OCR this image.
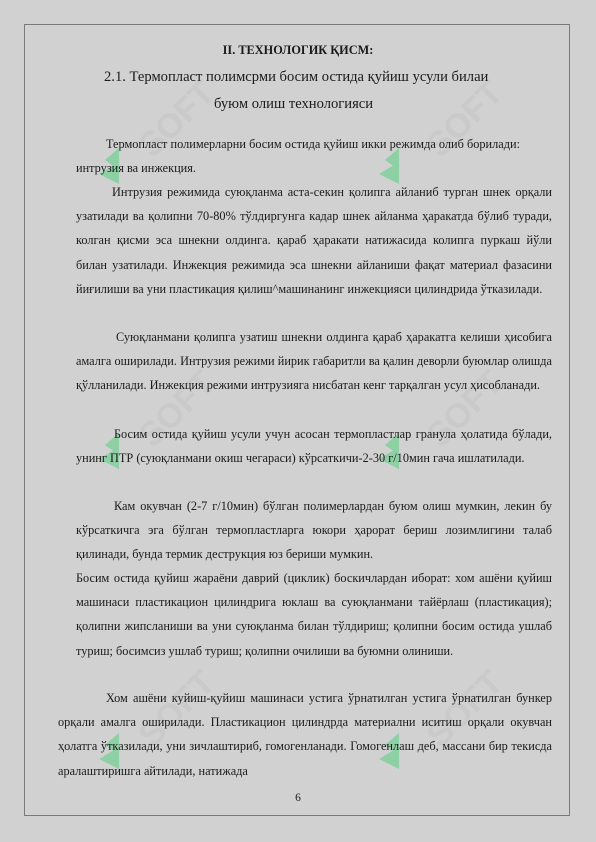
SOFT	SOFT
SOFT	SOFT
SOFT	SOFT
II. ТЕХНОЛОГИК ҚИСМ:
2.1. Термопласт полимсрми босим остида қуйиш усули билаи
буюм олиш технологияси

Термопласт полимерларни босим остида қуйиш икки режимда олиб борилади: интрузия ва инжекция.

Интрузия режимида суюқланма аста-секин қолипга айланиб турган шнек орқали узатилади ва қолипни 70-80% тўлдиргунга кадар шнек айланма ҳаракатда бўлиб туради, колган қисми эса шнекни олдинга. қараб ҳаракати натижасида колипга пуркаш йўли билан узатилади. Инжекция режимида эса шнекни айланиши фақат материал фазасини йиғилиши ва уни пластикация қилиш^машинанинг инжекцияси цилиндрида ўтказилади.

Суюқланмани қолипга узатиш шнекни олдинга қараб ҳаракатга келиши ҳисобига амалга оширилади. Интрузия режими йирик габаритли ва қалин деворли буюмлар олишда қўлланилади. Инжекция режими интрузияга нисбатан кенг тарқалган усул ҳисобланади.

Босим остида қуйиш усули учун асосан термопластлар гранула ҳолатида бўлади, унинг ПТР (суюқланмани окиш чегараси) кўрсаткичи-2-30 г/10мин гача ишлатилади.

Кам окувчан (2-7 г/10мин) бўлган полимерлардан буюм олиш мумкин, лекин бу кўрсаткичга эга бўлган термопластларга юкори ҳарорат бериш лозимлигини талаб қилинади, бунда термик деструкция юз бериши мумкин.

Босим остида қуйиш жараёни даврий (циклик) боскичлардан иборат: хом ашёни қуйиш машинаси пластикацион цилиндрига юклаш ва суюқланмани тайёрлаш (пластикация); қолипни жипсланиши ва уни суюқланма билан тўлдириш; қолипни босим остида ушлаб туриш; босимсиз ушлаб туриш; қолипни очилиши ва буюмни олиниши.

Хом ашёни куйиш-қуйиш машинаси устига ўрнатилган устига ўрнатилган бункер орқали амалга оширилади. Пластикацион цилиндрда материални иситиш орқали окувчан ҳолатга ўтказилади, уни зичлаштириб, гомогенланади. Гомогенлаш деб, массани бир текисда аралаштиришга айтилади, натижада

6
